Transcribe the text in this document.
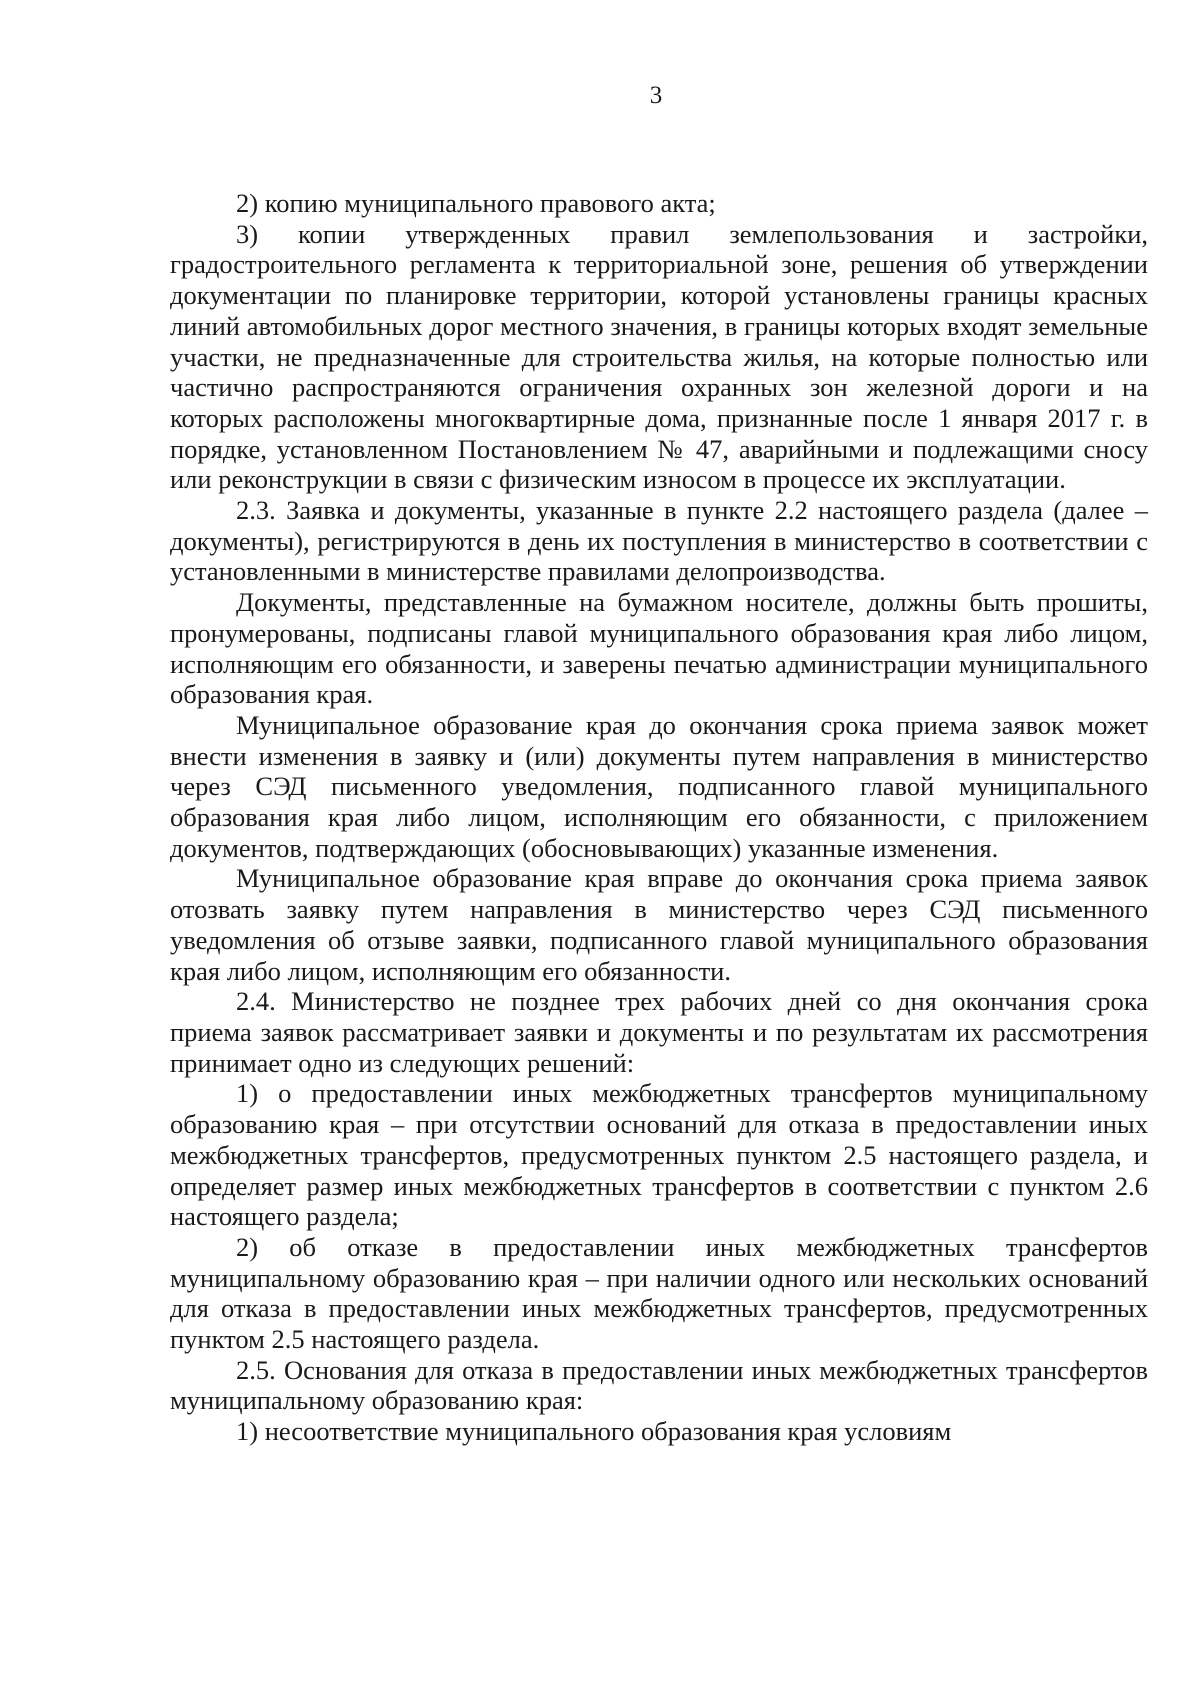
3

2) копию муниципального правового акта;

3) копии утвержденных правил землепользования и застройки, градостроительного регламента к территориальной зоне, решения об утверждении документации по планировке территории, которой установлены границы красных линий автомобильных дорог местного значения, в границы которых входят земельные участки, не предназначенные для строительства жилья, на которые полностью или частично распространяются ограничения охранных зон железной дороги и на которых расположены многоквартирные дома, признанные после 1 января 2017 г. в порядке, установленном Постановлением № 47, аварийными и подлежащими сносу или реконструкции в связи с физическим износом в процессе их эксплуатации.

2.3. Заявка и документы, указанные в пункте 2.2 настоящего раздела (далее – документы), регистрируются в день их поступления в министерство в соответствии с установленными в министерстве правилами делопроизводства.

Документы, представленные на бумажном носителе, должны быть прошиты, пронумерованы, подписаны главой муниципального образования края либо лицом, исполняющим его обязанности, и заверены печатью администрации муниципального образования края.

Муниципальное образование края до окончания срока приема заявок может внести изменения в заявку и (или) документы путем направления в министерство через СЭД письменного уведомления, подписанного главой муниципального образования края либо лицом, исполняющим его обязанности, с приложением документов, подтверждающих (обосновывающих) указанные изменения.

Муниципальное образование края вправе до окончания срока приема заявок отозвать заявку путем направления в министерство через СЭД письменного уведомления об отзыве заявки, подписанного главой муниципального образования края либо лицом, исполняющим его обязанности.

2.4. Министерство не позднее трех рабочих дней со дня окончания срока приема заявок рассматривает заявки и документы и по результатам их рассмотрения принимает одно из следующих решений:

1) о предоставлении иных межбюджетных трансфертов муниципальному образованию края – при отсутствии оснований для отказа в предоставлении иных межбюджетных трансфертов, предусмотренных пунктом 2.5 настоящего раздела, и определяет размер иных межбюджетных трансфертов в соответствии с пунктом 2.6 настоящего раздела;

2) об отказе в предоставлении иных межбюджетных трансфертов муниципальному образованию края – при наличии одного или нескольких оснований для отказа в предоставлении иных межбюджетных трансфертов, предусмотренных пунктом 2.5 настоящего раздела.

2.5. Основания для отказа в предоставлении иных межбюджетных трансфертов муниципальному образованию края:

1) несоответствие муниципального образования края условиям
